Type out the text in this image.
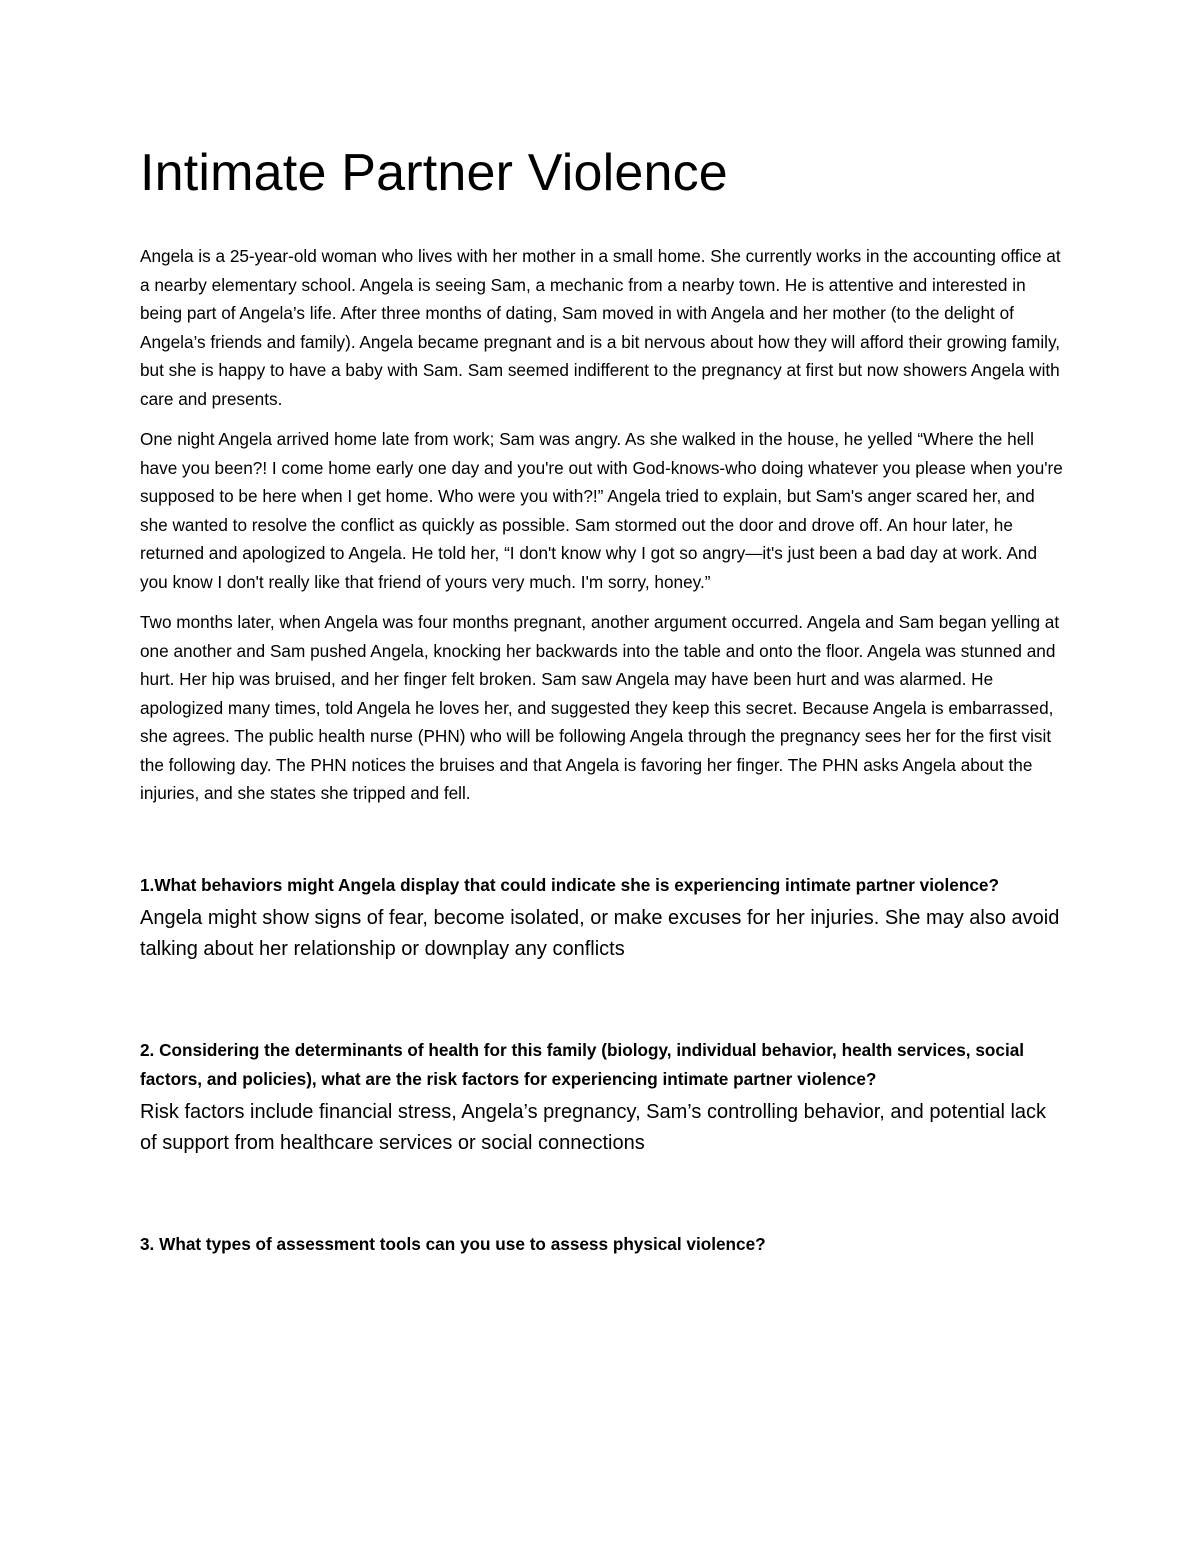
Intimate Partner Violence

Angela is a 25-year-old woman who lives with her mother in a small home. She currently works in the accounting office at a nearby elementary school. Angela is seeing Sam, a mechanic from a nearby town. He is attentive and interested in being part of Angela’s life. After three months of dating, Sam moved in with Angela and her mother (to the delight of Angela’s friends and family). Angela became pregnant and is a bit nervous about how they will afford their growing family, but she is happy to have a baby with Sam. Sam seemed indifferent to the pregnancy at first but now showers Angela with care and presents.

One night Angela arrived home late from work; Sam was angry. As she walked in the house, he yelled “Where the hell have you been?! I come home early one day and you're out with God-knows-who doing whatever you please when you're supposed to be here when I get home. Who were you with?!” Angela tried to explain, but Sam's anger scared her, and she wanted to resolve the conflict as quickly as possible. Sam stormed out the door and drove off. An hour later, he returned and apologized to Angela. He told her, “I don't know why I got so angry—it's just been a bad day at work. And you know I don't really like that friend of yours very much. I'm sorry, honey.”

Two months later, when Angela was four months pregnant, another argument occurred. Angela and Sam began yelling at one another and Sam pushed Angela, knocking her backwards into the table and onto the floor. Angela was stunned and hurt. Her hip was bruised, and her finger felt broken. Sam saw Angela may have been hurt and was alarmed. He apologized many times, told Angela he loves her, and suggested they keep this secret. Because Angela is embarrassed, she agrees. The public health nurse (PHN) who will be following Angela through the pregnancy sees her for the first visit the following day. The PHN notices the bruises and that Angela is favoring her finger. The PHN asks Angela about the injuries, and she states she tripped and fell.

1.What behaviors might Angela display that could indicate she is experiencing intimate partner violence?

Angela might show signs of fear, become isolated, or make excuses for her injuries. She may also avoid talking about her relationship or downplay any conflicts

2. Considering the determinants of health for this family (biology, individual behavior, health services, social factors, and policies), what are the risk factors for experiencing intimate partner violence?

Risk factors include financial stress, Angela’s pregnancy, Sam’s controlling behavior, and potential lack of support from healthcare services or social connections

3. What types of assessment tools can you use to assess physical violence?
